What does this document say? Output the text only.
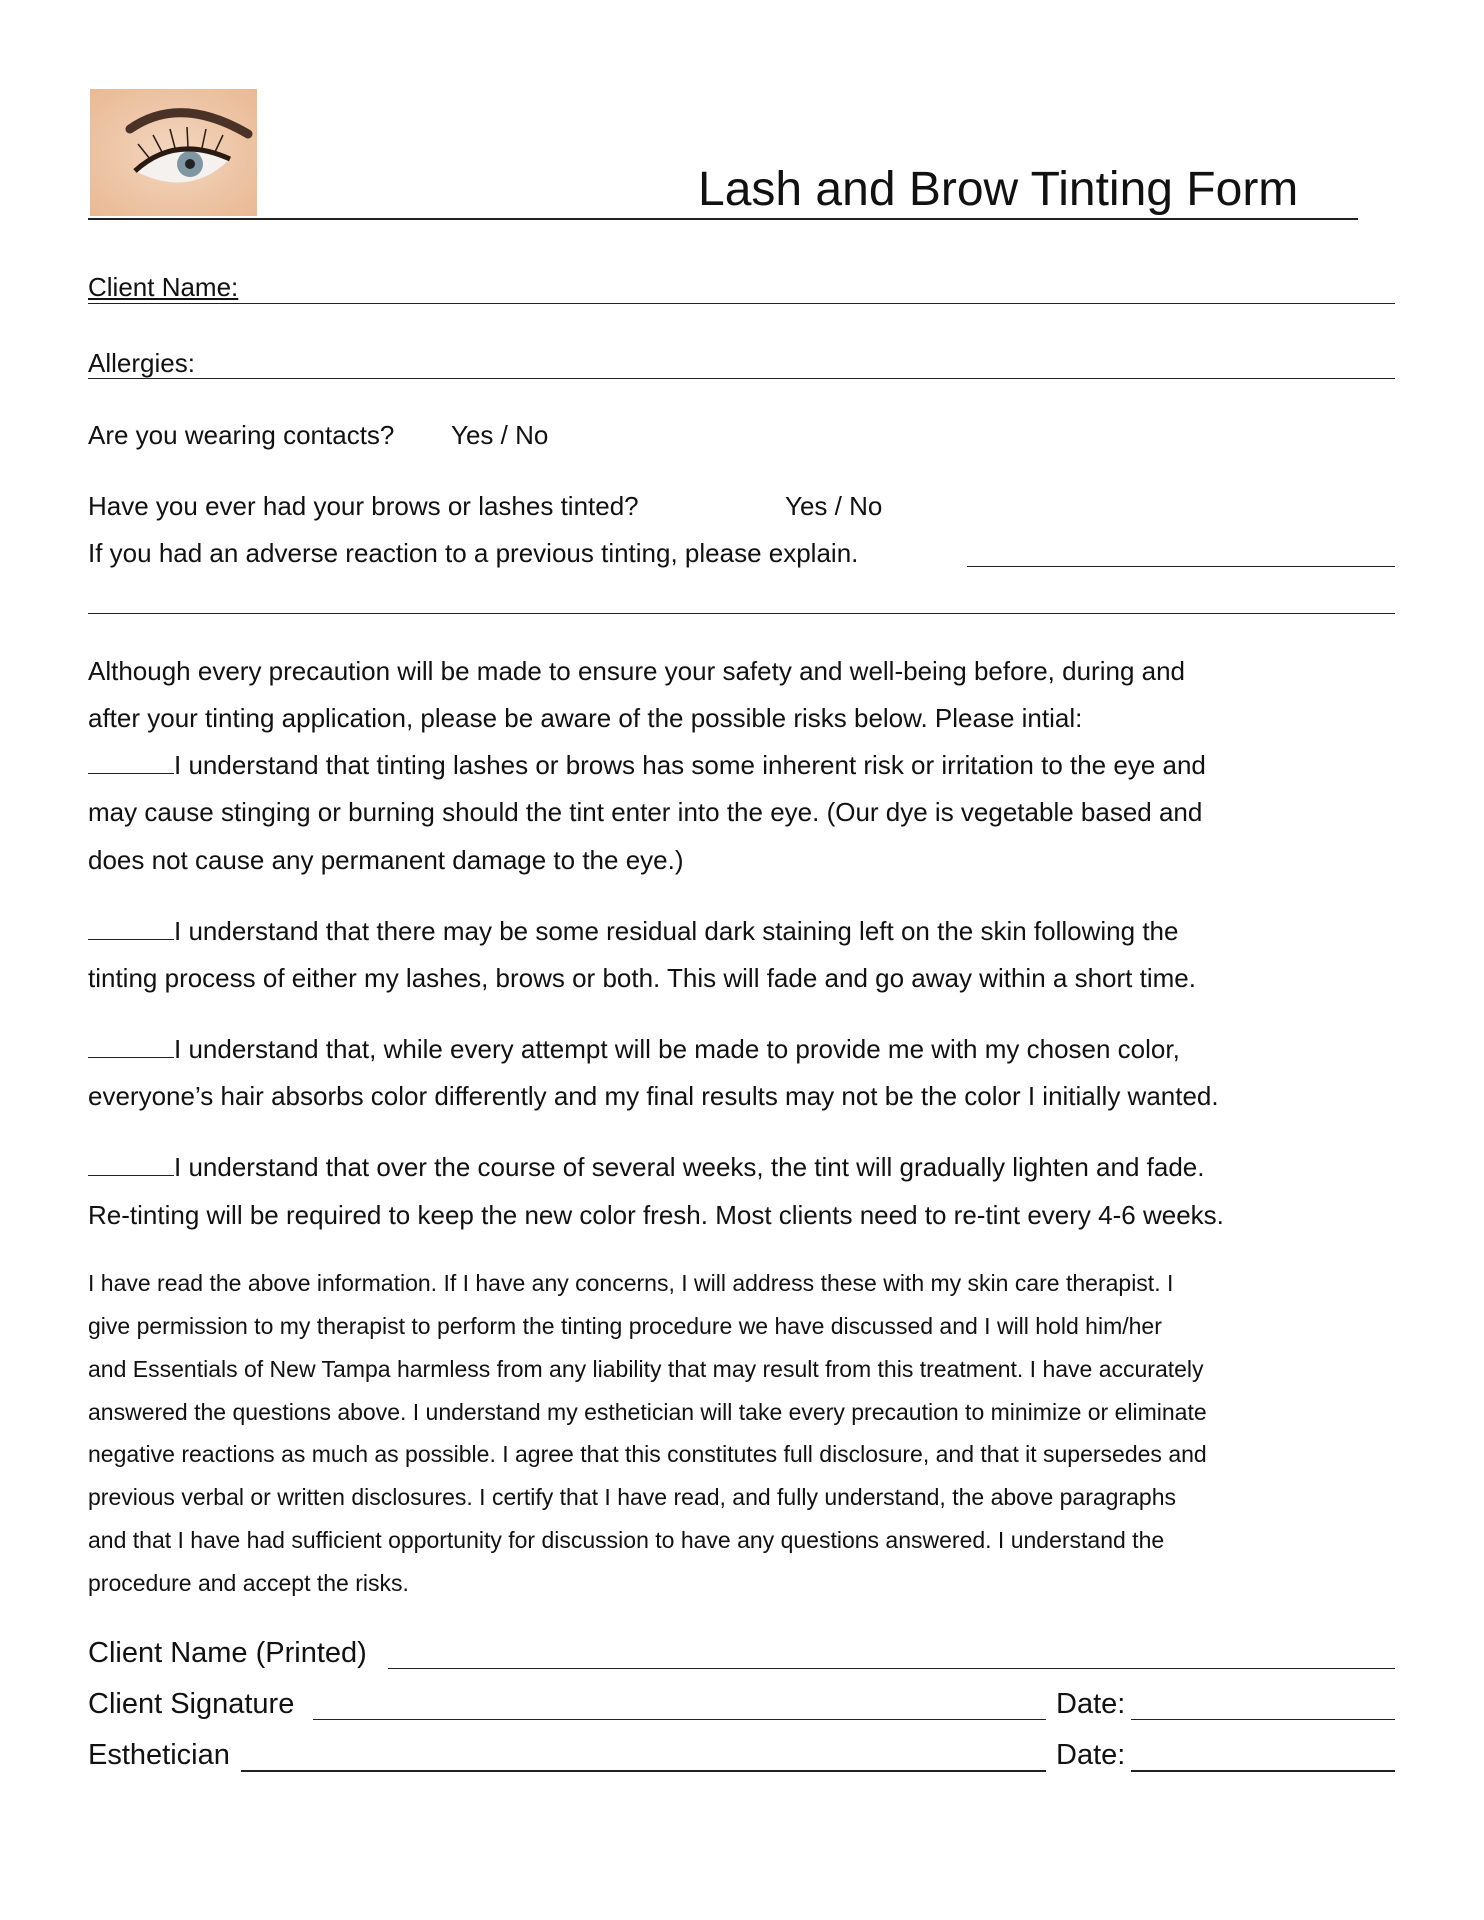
Lash and Brow Tinting Form
Client Name:
Allergies:
Are you wearing contacts? Yes / No
Have you ever had your brows or lashes tinted?	Yes / No
If you had an adverse reaction to a previous tinting, please explain.
Although every precaution will be made to ensure your safety and well-being before, during and
after your tinting application, please be aware of the possible risks below. Please intial:
I understand that tinting lashes or brows has some inherent risk or irritation to the eye and
may cause stinging or burning should the tint enter into the eye. (Our dye is vegetable based and
does not cause any permanent damage to the eye.)
I understand that there may be some residual dark staining left on the skin following the
tinting process of either my lashes, brows or both. This will fade and go away within a short time.
I understand that, while every attempt will be made to provide me with my chosen color,
everyone’s hair absorbs color differently and my final results may not be the color I initially wanted.
I understand that over the course of several weeks, the tint will gradually lighten and fade.
Re-tinting will be required to keep the new color fresh. Most clients need to re-tint every 4-6 weeks.
I have read the above information. If I have any concerns, I will address these with my skin care therapist. I
give permission to my therapist to perform the tinting procedure we have discussed and I will hold him/her
and Essentials of New Tampa harmless from any liability that may result from this treatment. I have accurately
answered the questions above. I understand my esthetician will take every precaution to minimize or eliminate
negative reactions as much as possible. I agree that this constitutes full disclosure, and that it supersedes and
previous verbal or written disclosures. I certify that I have read, and fully understand, the above paragraphs
and that I have had sufficient opportunity for discussion to have any questions answered. I understand the
procedure and accept the risks.
Client Name (Printed)
Client Signature	Date:
Esthetician	Date:
